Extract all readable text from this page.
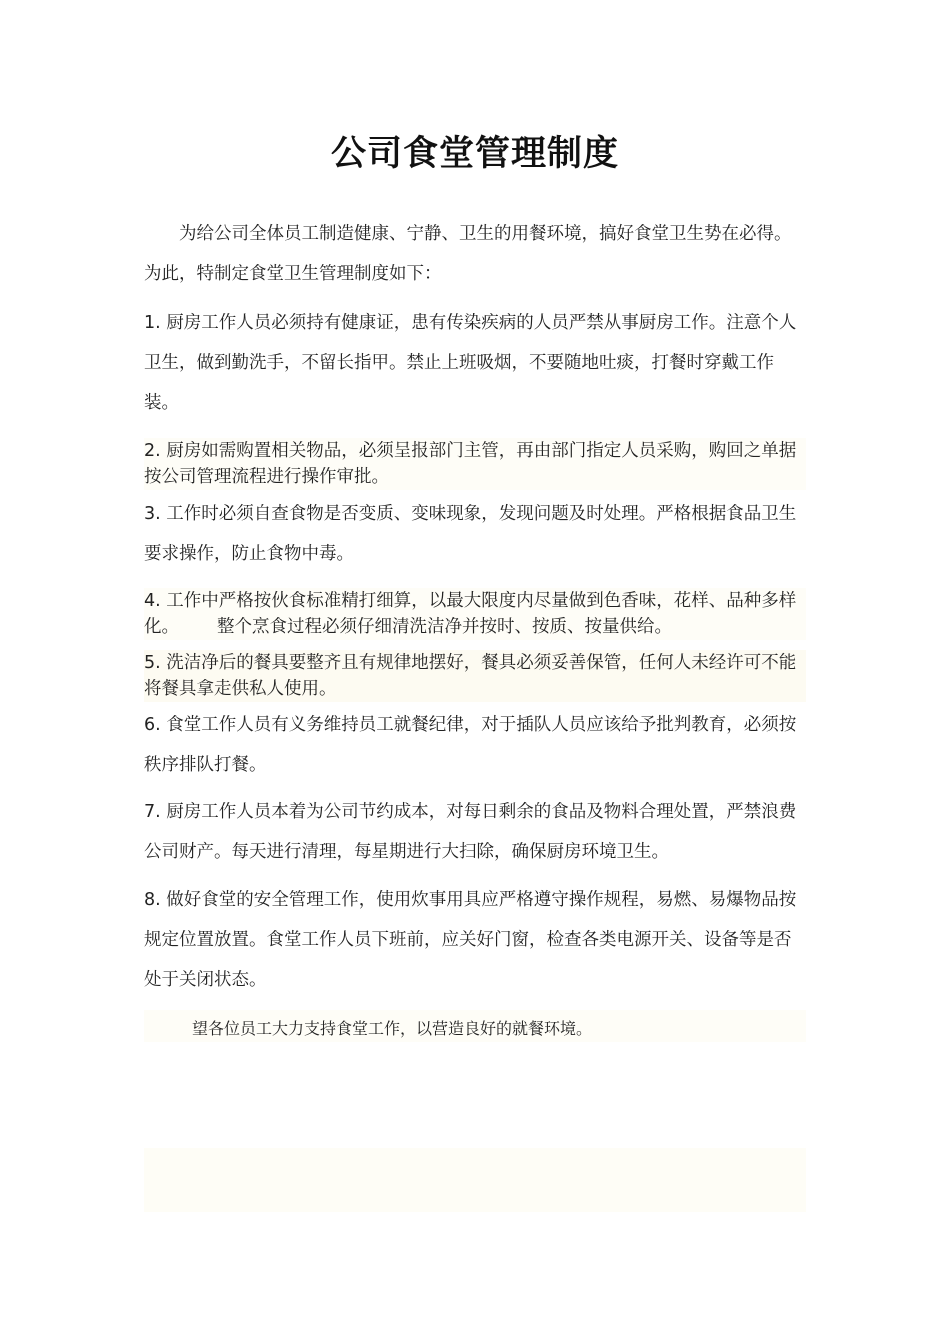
公司食堂管理制度
为给公司全体员工制造健康、宁静、卫生的用餐环境，搞好食堂卫生势在必得。为此，特制定食堂卫生管理制度如下：
1. 厨房工作人员必须持有健康证，患有传染疾病的人员严禁从事厨房工作。注意个人卫生，做到勤洗手，不留长指甲。禁止上班吸烟，不要随地吐痰，打餐时穿戴工作装。
2. 厨房如需购置相关物品，必须呈报部门主管，再由部门指定人员采购，购回之单据按公司管理流程进行操作审批。
3. 工作时必须自查食物是否变质、变味现象，发现问题及时处理。严格根据食品卫生要求操作，防止食物中毒。
4. 工作中严格按伙食标准精打细算，以最大限度内尽量做到色香味，花样、品种多样化。 整个烹食过程必须仔细清洗洁净并按时、按质、按量供给。
5. 洗洁净后的餐具要整齐且有规律地摆好，餐具必须妥善保管，任何人未经许可不能将餐具拿走供私人使用。
6. 食堂工作人员有义务维持员工就餐纪律，对于插队人员应该给予批判教育，必须按秩序排队打餐。
7. 厨房工作人员本着为公司节约成本，对每日剩余的食品及物料合理处置，严禁浪费公司财产。每天进行清理，每星期进行大扫除，确保厨房环境卫生。
8. 做好食堂的安全管理工作，使用炊事用具应严格遵守操作规程，易燃、易爆物品按规定位置放置。食堂工作人员下班前，应关好门窗，检查各类电源开关、设备等是否处于关闭状态。
望各位员工大力支持食堂工作，以营造良好的就餐环境。
